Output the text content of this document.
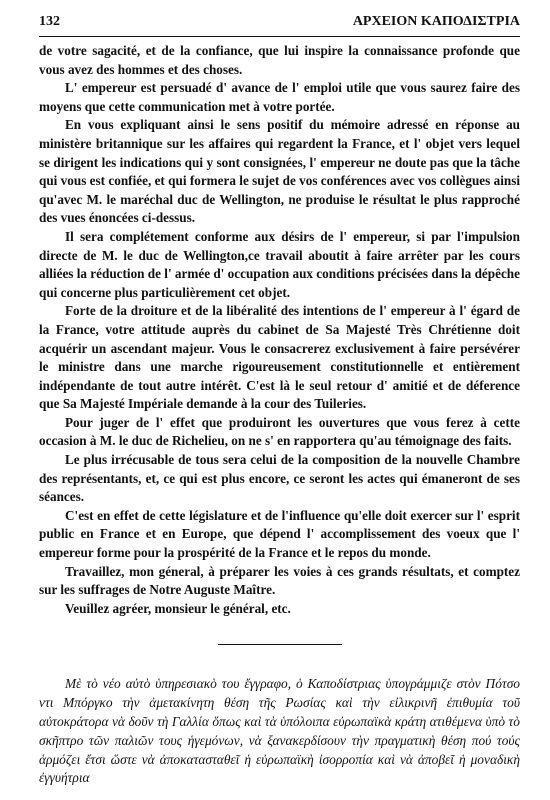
132	ΑΡΧΕΙΟΝ ΚΑΠΟΔΙΣΤΡΙΑ

de votre sagacité, et de la confiance, que lui inspire la connaissance profonde que vous avez des hommes et des choses.

L' empereur est persuadé d' avance de l' emploi utile que vous saurez faire des moyens que cette communication met à votre portée.

En vous expliquant ainsi le sens positif du mémoire adressé en réponse au ministère britannique sur les affaires qui regardent la France, et l' objet vers lequel se dirigent les indications qui y sont consignées, l' empereur ne doute pas que la tâche qui vous est confiée, et qui formera le sujet de vos conférences avec vos collègues ainsi qu'avec M. le maréchal duc de Wellington, ne produise le résultat le plus rapproché des vues énoncées ci-dessus.

Il sera complétement conforme aux désirs de l' empereur, si par l'impulsion directe de M. le duc de Wellington,ce travail aboutit à faire arrêter par les cours alliées la réduction de l' armée d' occupation aux conditions précisées dans la dépêche qui concerne plus particulièrement cet objet.

Forte de la droiture et de la libéralité des intentions de l' empereur à l' égard de la France, votre attitude auprès du cabinet de Sa Majesté Très Chrétienne doit acquérir un ascendant majeur. Vous le consacrerez exclusivement à faire persévérer le ministre dans une marche rigoureusement constitutionnelle et entièrement indépendante de tout autre intérêt. C'est là le seul retour d' amitié et de déference que Sa Majesté Impériale demande à la cour des Tuileries.

Pour juger de l' effet que produiront les ouvertures que vous ferez à cette occasion à M. le duc de Richelieu, on ne s' en rapportera qu'au témoignage des faits.

Le plus irrécusable de tous sera celui de la composition de la nouvelle Chambre des représentants, et, ce qui est plus encore, ce seront les actes qui émaneront de ses séances.

C'est en effet de cette législature et de l'influence qu'elle doit exercer sur l' esprit public en France et en Europe, que dépend l' accomplissement des voeux que l' empereur forme pour la prospérité de la France et le repos du monde.

Travaillez, mon géneral, à préparer les voies à ces grands résultats, et comptez sur les suffrages de Notre Auguste Maître.

Veuillez agréer, monsieur le général, etc.

Μὲ τὸ νέο αὐτὸ ὑπηρεσιακὸ του ἔγγραφο, ὁ Καποδίστριας ὑπογράμμιζε στὸν Πότσο ντι Μπόργκο τὴν ἀμετακίνητη θέση τῆς Ρωσίας καὶ τὴν εἰλικρινῆ ἐπιθυμία τοῦ αὐτοκράτορα νὰ δοῦν τὴ Γαλλία ὅπως καὶ τὰ ὑπόλοιπα εὐρωπαϊκὰ κράτη ατιθέμενα ὑπὸ τὸ σκῆπτρο τῶν παλιῶν τους ἡγεμόνων, νὰ ξανακερδίσουν τὴν πραγματικὴ θέση πού τούς ἁρμόζει ἔτσι ὥστε νὰ ἀποκατασταθεῖ ἡ εὐρωπαϊκὴ ἰσορροπία καὶ νὰ ἀποβεῖ ἡ μοναδικὴ ἐγγυήτρια
